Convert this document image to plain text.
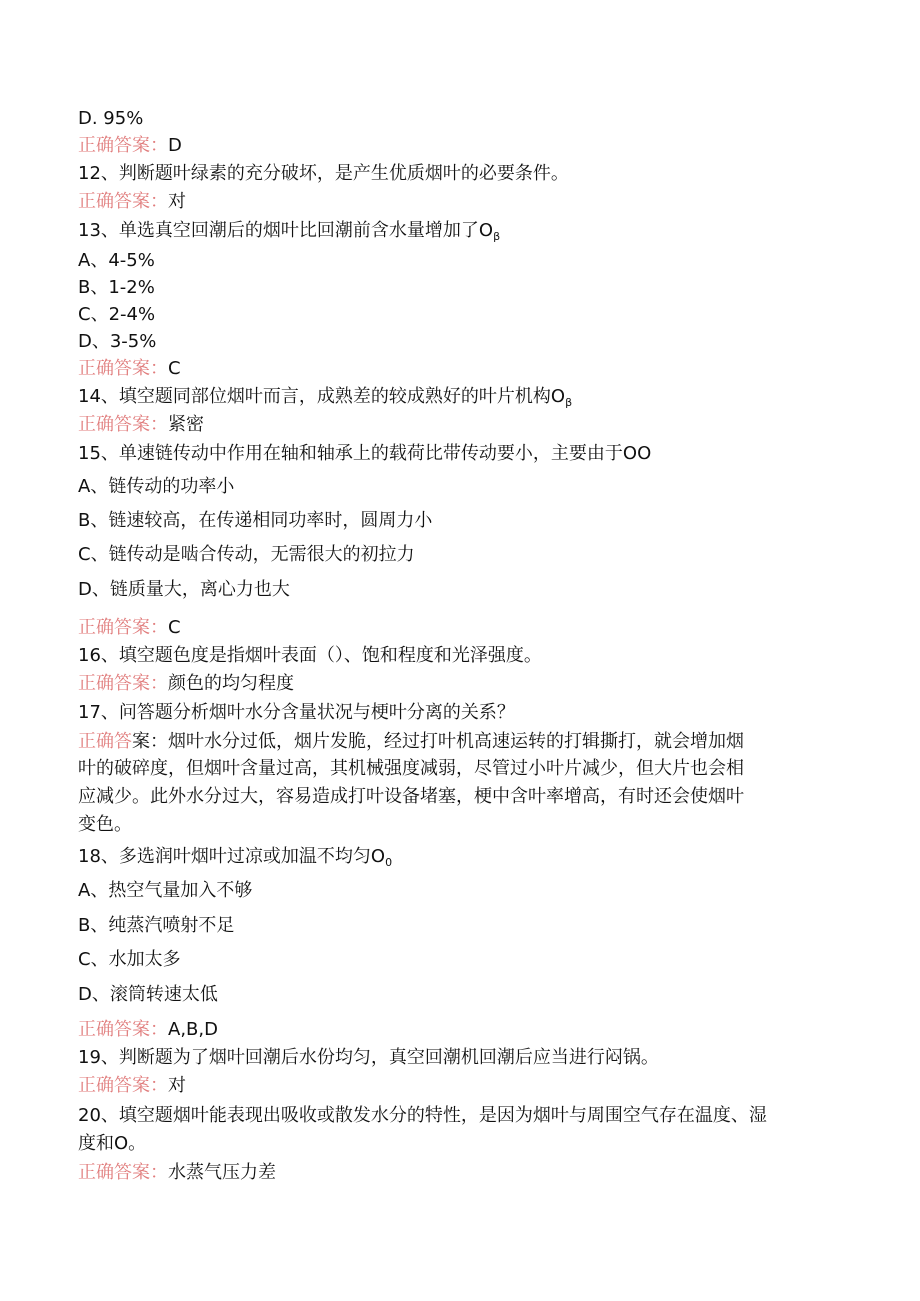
D. 95%
正确答案：D
12、判断题叶绿素的充分破坏，是产生优质烟叶的必要条件。
正确答案：对
13、单选真空回潮后的烟叶比回潮前含水量增加了$O_\beta$
A、4-5%
B、1-2%
C、2-4%
D、3-5%
正确答案：C
14、填空题同部位烟叶而言，成熟差的较成熟好的叶片机构$O_\beta$
正确答案：紧密
15、单速链传动中作用在轴和轴承上的载荷比带传动要小，主要由于OO
A、链传动的功率小
B、链速较高，在传递相同功率时，圆周力小
C、链传动是啮合传动，无需很大的初拉力
D、链质量大，离心力也大
正确答案：C
16、填空题色度是指烟叶表面（）、饱和程度和光泽强度。
正确答案：颜色的均匀程度
17、问答题分析烟叶水分含量状况与梗叶分离的关系？
正确答案：烟叶水分过低，烟片发脆，经过打叶机高速运转的打辑撕打，就会增加烟
叶的破碎度，但烟叶含量过高，其机械强度减弱，尽管过小叶片减少，但大片也会相
应减少。此外水分过大，容易造成打叶设备堵塞，梗中含叶率增高，有时还会使烟叶
变色。
18、多选润叶烟叶过凉或加温不均匀$O_0$
A、热空气量加入不够
B、纯蒸汽喷射不足
C、水加太多
D、滚筒转速太低
正确答案：A,B,D
19、判断题为了烟叶回潮后水份均匀，真空回潮机回潮后应当进行闷锅。
正确答案：对
20、填空题烟叶能表现出吸收或散发水分的特性，是因为烟叶与周围空气存在温度、湿
度和O。
正确答案：水蒸气压力差
